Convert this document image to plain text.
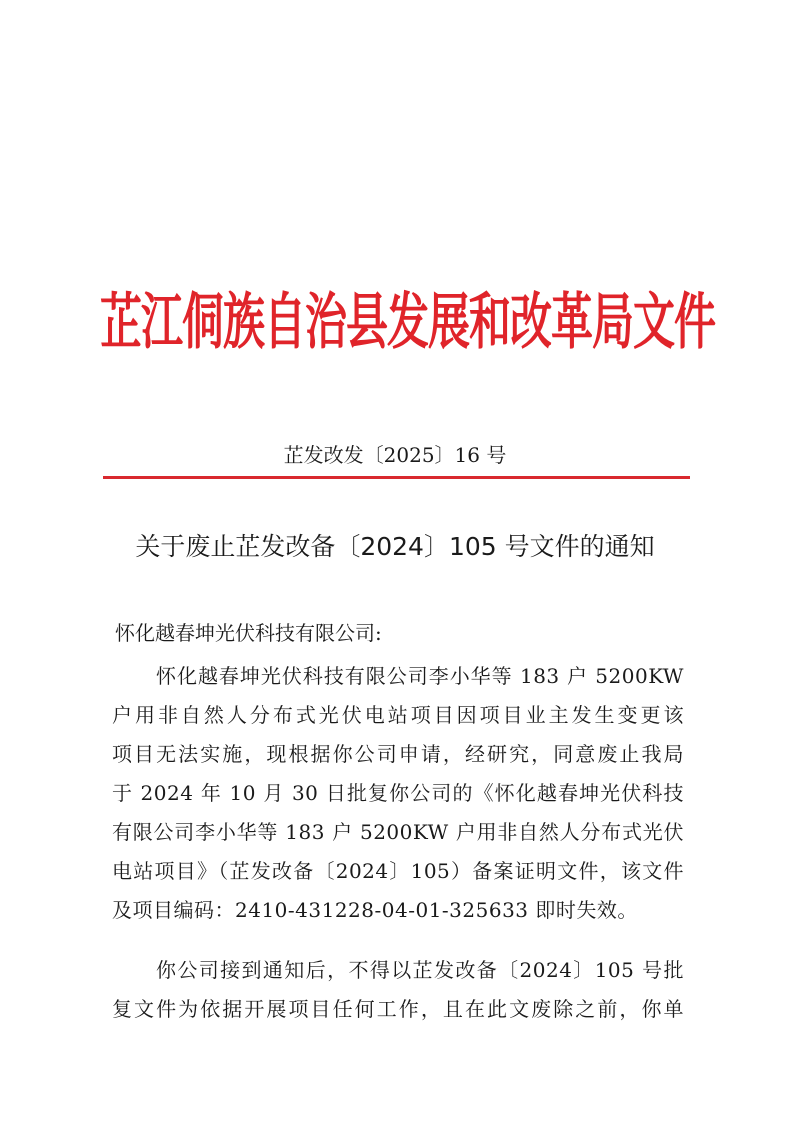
芷江侗族自治县发展和改革局文件
芷发改发〔2025〕16 号
关于废止芷发改备〔2024〕105 号文件的通知
怀化越春坤光伏科技有限公司:

怀化越春坤光伏科技有限公司李小华等 183 户 5200KW
户用非自然人分布式光伏电站项目因项目业主发生变更该
项目无法实施，现根据你公司申请，经研究，同意废止我局
于 2024 年 10 月 30 日批复你公司的《怀化越春坤光伏科技
有限公司李小华等 183 户 5200KW 户用非自然人分布式光伏
电站项目》（芷发改备〔2024〕105）备案证明文件，该文件
及项目编码：2410-431228-04-01-325633 即时失效。

你公司接到通知后，不得以芷发改备〔2024〕105 号批
复文件为依据开展项目任何工作，且在此文废除之前，你单
